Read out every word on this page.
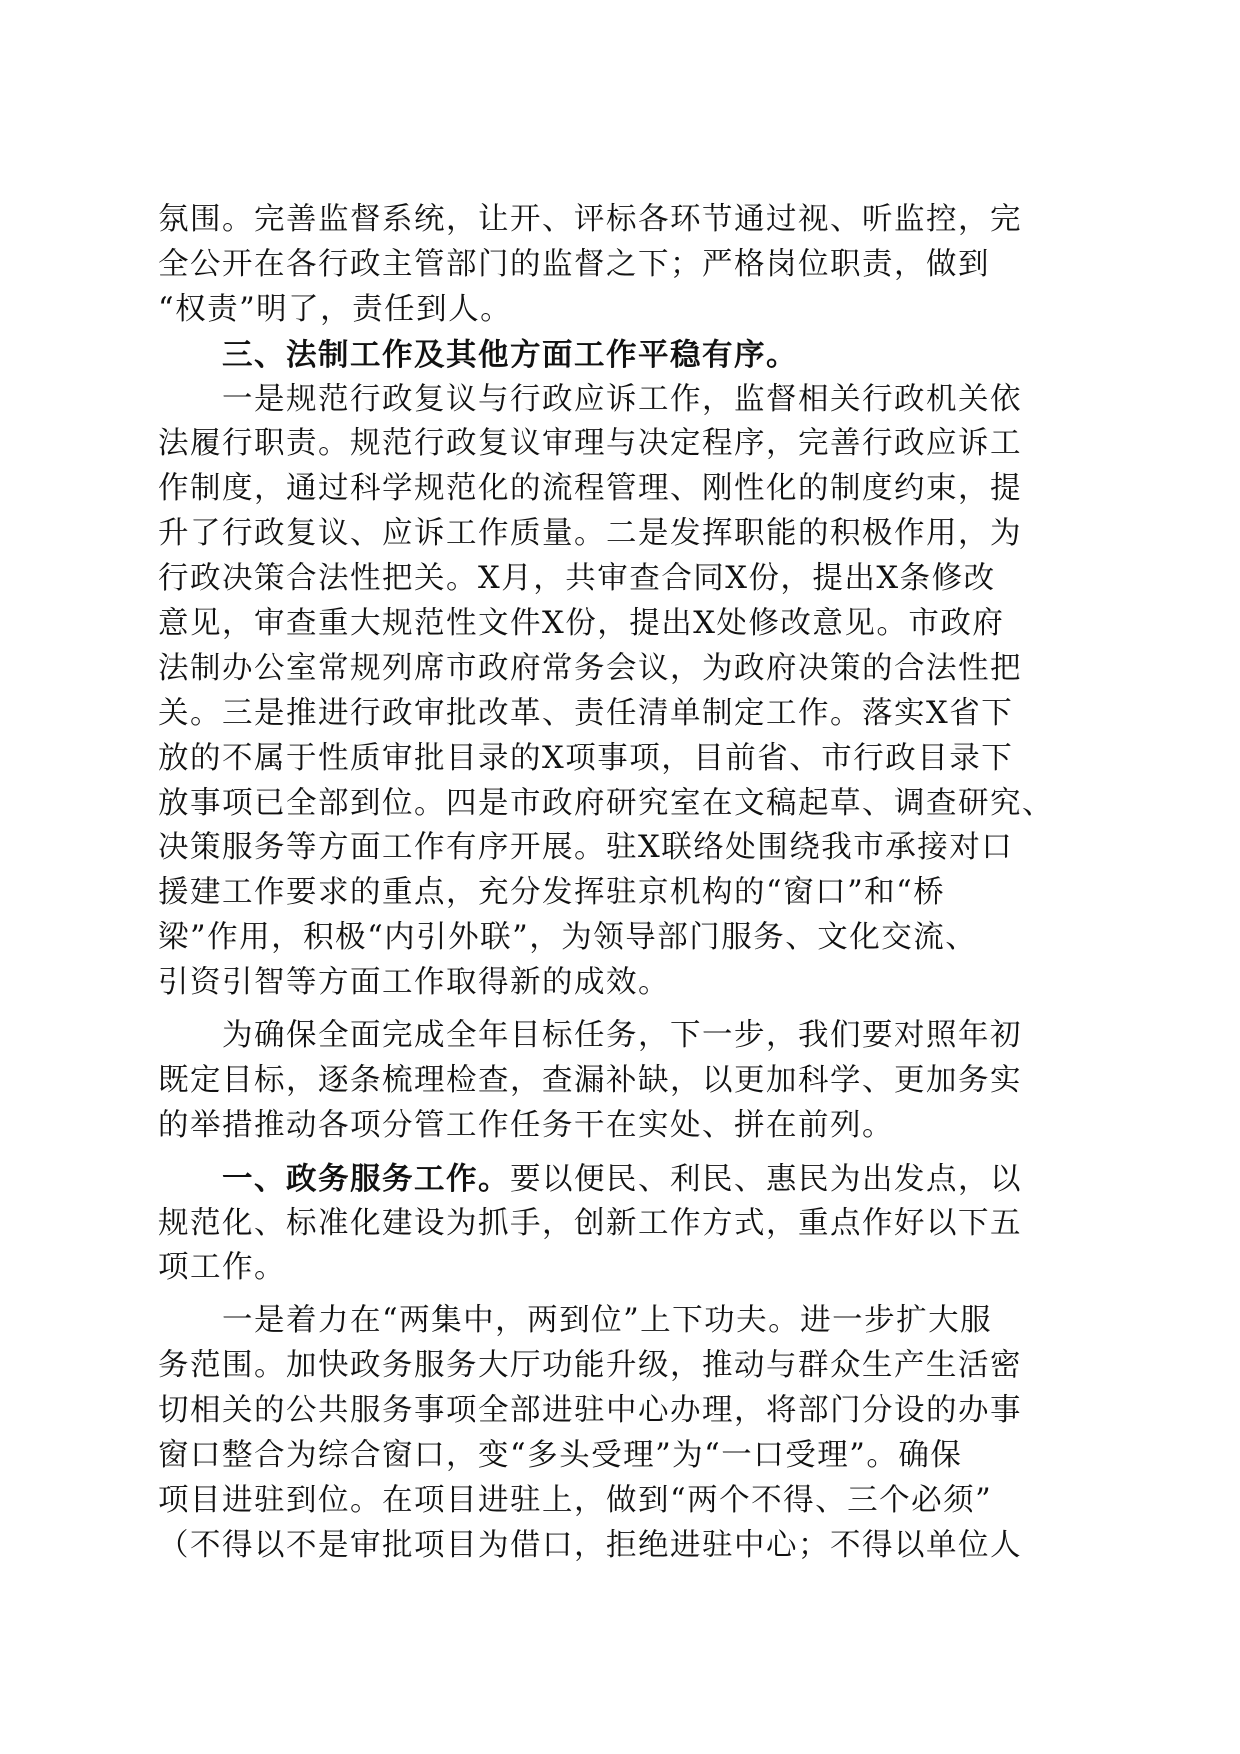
氛围。完善监督系统，让开、评标各环节通过视、听监控，完
全公开在各行政主管部门的监督之下；严格岗位职责，做到
“权责”明了，责任到人。
三、法制工作及其他方面工作平稳有序。
一是规范行政复议与行政应诉工作，监督相关行政机关依
法履行职责。规范行政复议审理与决定程序，完善行政应诉工
作制度，通过科学规范化的流程管理、刚性化的制度约束，提
升了行政复议、应诉工作质量。二是发挥职能的积极作用，为
行政决策合法性把关。X月，共审查合同X份，提出X条修改
意见，审查重大规范性文件X份，提出X处修改意见。市政府
法制办公室常规列席市政府常务会议，为政府决策的合法性把
关。三是推进行政审批改革、责任清单制定工作。落实X省下
放的不属于性质审批目录的X项事项，目前省、市行政目录下
放事项已全部到位。四是市政府研究室在文稿起草、调查研究、
决策服务等方面工作有序开展。驻X联络处围绕我市承接对口
援建工作要求的重点，充分发挥驻京机构的“窗口”和“桥
梁”作用，积极“内引外联”，为领导部门服务、文化交流、
引资引智等方面工作取得新的成效。
为确保全面完成全年目标任务，下一步，我们要对照年初
既定目标，逐条梳理检查，查漏补缺，以更加科学、更加务实
的举措推动各项分管工作任务干在实处、拼在前列。
一、政务服务工作。要以便民、利民、惠民为出发点，以
规范化、标准化建设为抓手，创新工作方式，重点作好以下五
项工作。
一是着力在“两集中，两到位”上下功夫。进一步扩大服
务范围。加快政务服务大厅功能升级，推动与群众生产生活密
切相关的公共服务事项全部进驻中心办理，将部门分设的办事
窗口整合为综合窗口，变“多头受理”为“一口受理”。确保
项目进驻到位。在项目进驻上，做到“两个不得、三个必须”
（不得以不是审批项目为借口，拒绝进驻中心；不得以单位人
